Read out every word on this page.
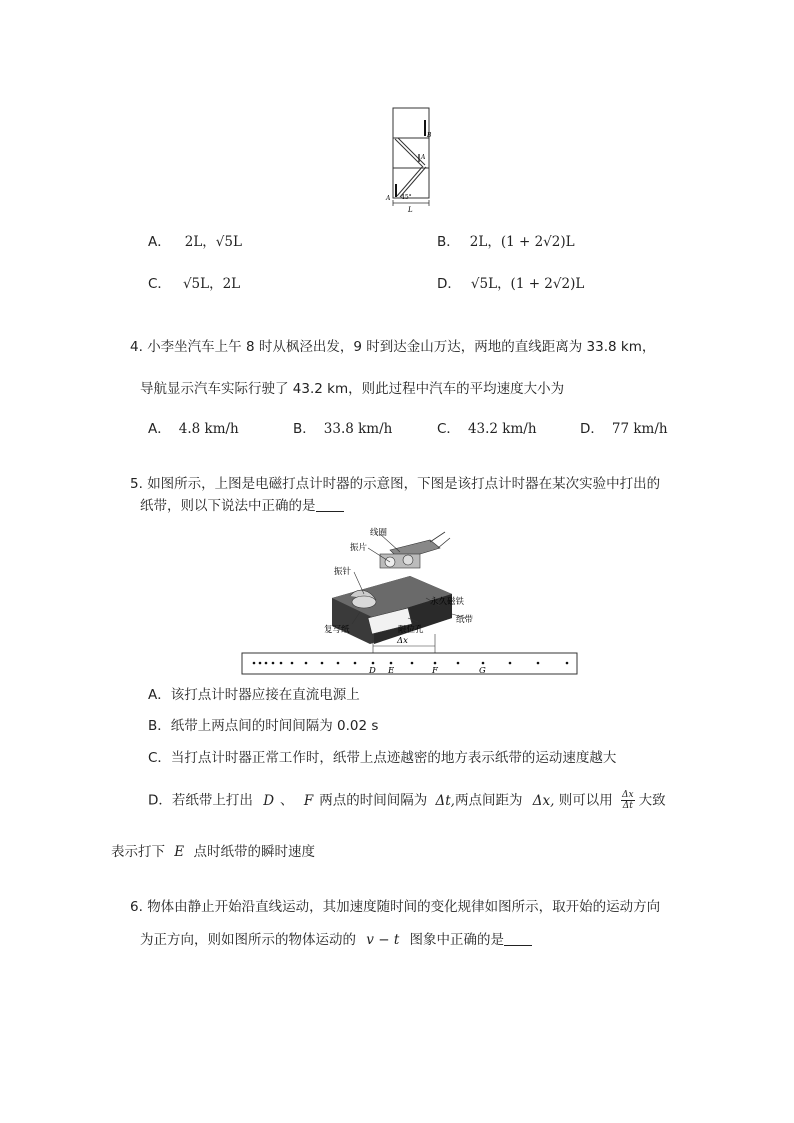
B
A
A 45°
L
A． 2L，√5L	B． 2L，(1 + 2√2)L
C． √5L，2L	D． √5L，(1 + 2√2)L
4. 小李坐汽车上午 8 时从枫泾出发，9 时到达金山万达，两地的直线距离为 33.8 km，
导航显示汽车实际行驶了 43.2 km，则此过程中汽车的平均速度大小为
A． 4.8 km/h	B． 33.8 km/h	C． 43.2 km/h	D． 77 km/h
5. 如图所示，上图是电磁打点计时器的示意图，下图是该打点计时器在某次实验中打出的
纸带，则以下说法中正确的是
线圈
振片
振针
永久磁铁
复写纸	限位孔
纸带
Δx
D E	F	G
A．该打点计时器应接在直流电源上
B．纸带上两点间的时间间隔为 0.02 s
C．当打点计时器正常工作时，纸带上点迹越密的地方表示纸带的运动速度越大
D．若纸带上打出 D 、 F 两点的时间间隔为 Δt,两点间距为 Δx, 则可以用 $\frac{\Delta x}{\Delta t}$ 大致
表示打下 E 点时纸带的瞬时速度
6. 物体由静止开始沿直线运动，其加速度随时间的变化规律如图所示，取开始的运动方向
为正方向，则如图所示的物体运动的 v − t 图象中正确的是
